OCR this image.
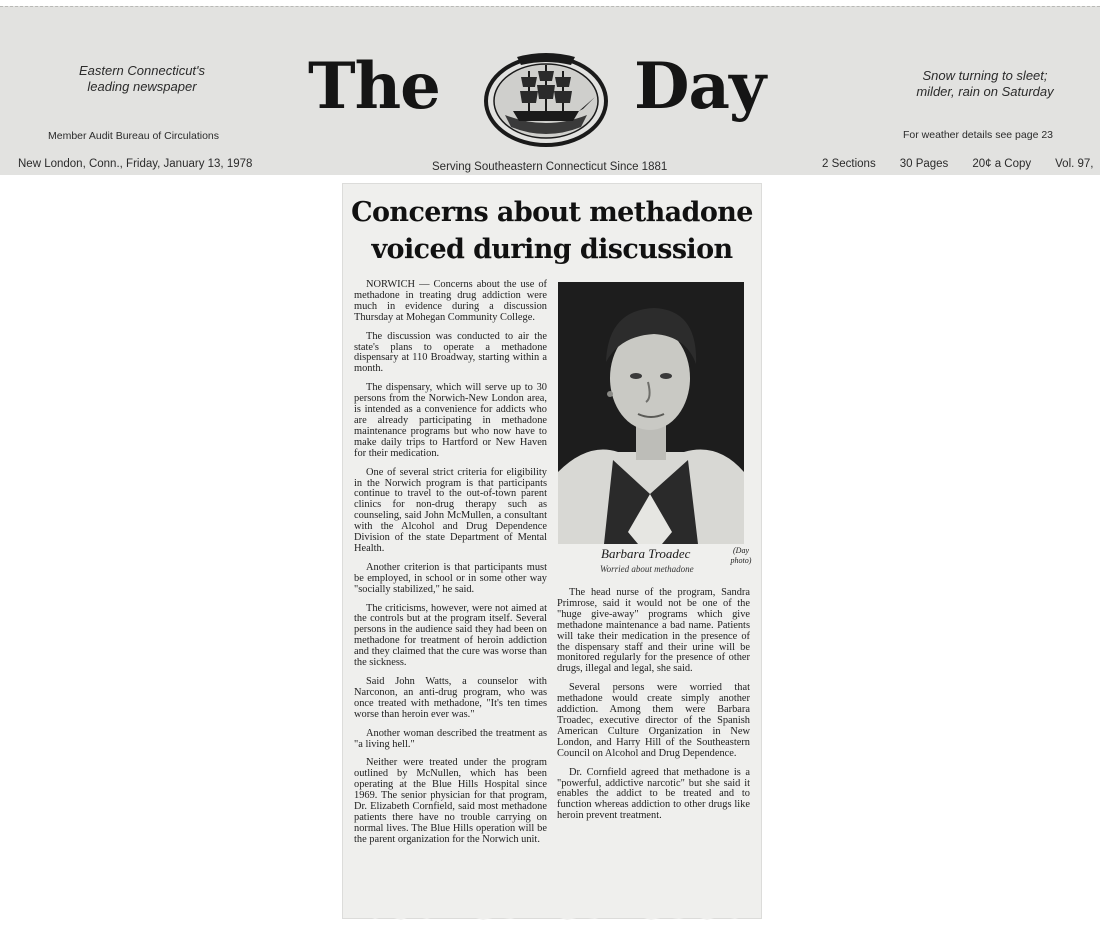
Eastern Connecticut's
leading newspaper
Member Audit Bureau of Circulations
New London, Conn., Friday, January 13, 1978
The	Day
Serving Southeastern Connecticut Since 1881
Snow turning to sleet;
milder, rain on Saturday
For weather details see page 23
2 Sections 30 Pages 20¢ a Copy Vol. 97,
Concerns about methadone
voiced during discussion

NORWICH — Concerns about the use of methadone in treating drug addiction were much in evidence during a discussion Thursday at Mohegan Community College.

The discussion was conducted to air the state's plans to operate a methadone dispensary at 110 Broadway, starting within a month.

The dispensary, which will serve up to 30 persons from the Norwich-New London area, is intended as a convenience for addicts who are already participating in methadone maintenance programs but who now have to make daily trips to Hartford or New Haven for their medication.

One of several strict criteria for eligibility in the Norwich program is that participants continue to travel to the out-of-town parent clinics for non-drug therapy such as counseling, said John McMullen, a consultant with the Alcohol and Drug Dependence Division of the state Department of Mental Health.

Another criterion is that participants must be employed, in school or in some other way "socially stabilized," he said.

The criticisms, however, were not aimed at the controls but at the program itself. Several persons in the audience said they had been on methadone for treatment of heroin addiction and they claimed that the cure was worse than the sickness.

Said John Watts, a counselor with Narconon, an anti-drug program, who was once treated with methadone, "It's ten times worse than heroin ever was."

Another woman described the treatment as "a living hell."

Neither were treated under the program outlined by McNullen, which has been operating at the Blue Hills Hospital since 1969. The senior physician for that program, Dr. Elizabeth Cornfield, said most methadone patients there have no trouble carrying on normal lives. The Blue Hills operation will be the parent organization for the Norwich unit.

Barbara Troadec	(Day photo)
Worried about methadone

The head nurse of the program, Sandra Primrose, said it would not be one of the "huge give-away" programs which give methadone maintenance a bad name. Patients will take their medication in the presence of the dispensary staff and their urine will be monitored regularly for the presence of other drugs, illegal and legal, she said.

Several persons were worried that methadone would create simply another addiction. Among them were Barbara Troadec, executive director of the Spanish American Culture Organization in New London, and Harry Hill of the Southeastern Council on Alcohol and Drug Dependence.

Dr. Cornfield agreed that methadone is a "powerful, addictive narcotic" but she said it enables the addict to be treated and to function whereas addiction to other drugs like heroin prevent treatment.
